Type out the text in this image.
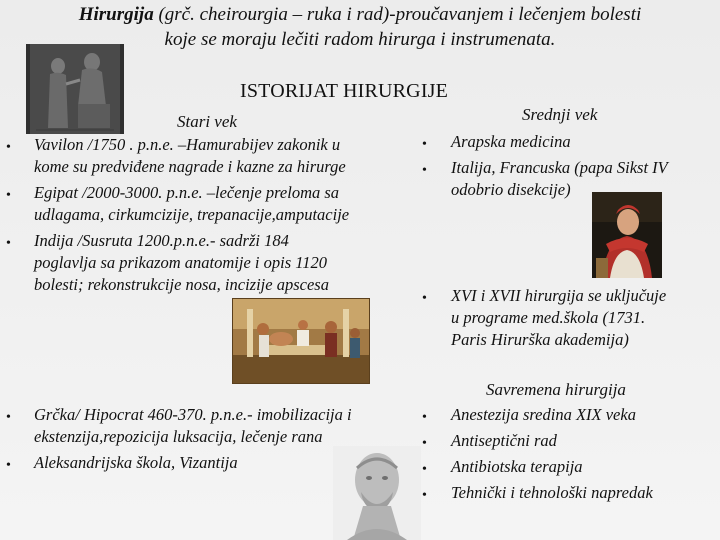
Hirurgija (grč. cheirourgia – ruka i rad)-proučavanjem i lečenjem bolesti
koje se moraju lečiti radom hirurga i instrumenata.
ISTORIJAT HIRURGIJE
Stari vek
• Vavilon /1750 . p.n.e. –Hamurabijev zakonik u
kome su predviđene nagrade i kazne za hirurge
• Egipat /2000-3000. p.n.e. –lečenje preloma sa
udlagama, cirkumcizije, trepanacije,amputacije
• Indija /Susruta 1200.p.n.e.- sadrži 184
poglavlja sa prikazom anatomije i opis 1120
bolesti; rekonstrukcije nosa, incizije apscesa
• Grčka/ Hipocrat 460-370. p.n.e.- imobilizacija i
ekstenzija,repozicija luksacija, lečenje rana
• Aleksandrijska škola, Vizantija
Srednji vek
• Arapska medicina
• Italija, Francuska (papa Sikst IV
odobrio disekcije)
• XVI i XVII hirurgija se uključuje
u programe med.škola (1731.
Paris Hirurška akademija)
Savremena hirurgija
• Anestezija sredina XIX veka
• Antiseptični rad
• Antibiotska terapija
• Tehnički i tehnološki napredak
